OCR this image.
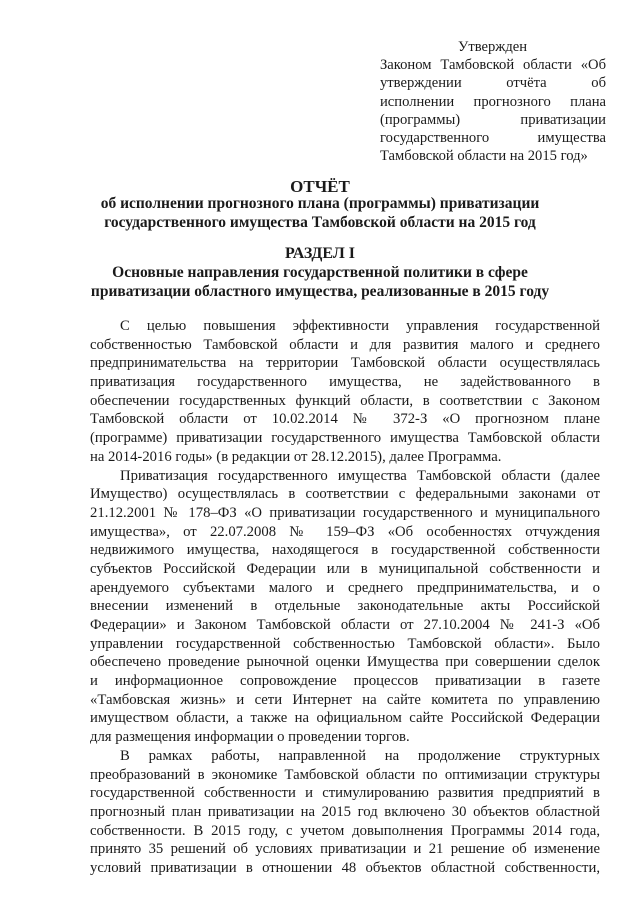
Утвержден
Законом Тамбовской области «Об
утверждении отчёта об
исполнении прогнозного плана
(программы) приватизации
государственного имущества
Тамбовской области на 2015 год»
ОТЧЁТ
об исполнении прогнозного плана (программы) приватизации
государственного имущества Тамбовской области на 2015 год
РАЗДЕЛ I
Основные направления государственной политики в сфере
приватизации областного имущества, реализованные в 2015 году
С целью повышения эффективности управления государственной
собственностью Тамбовской области и для развития малого и среднего
предпринимательства на территории Тамбовской области осуществлялась
приватизация государственного имущества, не задействованного в
обеспечении государственных функций области, в соответствии с Законом
Тамбовской области от 10.02.2014 № 372-З «О прогнозном плане
(программе) приватизации государственного имущества Тамбовской области
на 2014-2016 годы» (в редакции от 28.12.2015), далее Программа.
Приватизация государственного имущества Тамбовской области (далее
Имущество) осуществлялась в соответствии с федеральными законами от
21.12.2001 № 178–ФЗ «О приватизации государственного и муниципального
имущества», от 22.07.2008 № 159–ФЗ «Об особенностях отчуждения
недвижимого имущества, находящегося в государственной собственности
субъектов Российской Федерации или в муниципальной собственности и
арендуемого субъектами малого и среднего предпринимательства, и о
внесении изменений в отдельные законодательные акты Российской
Федерации» и Законом Тамбовской области от 27.10.2004 № 241-З «Об
управлении государственной собственностью Тамбовской области». Было
обеспечено проведение рыночной оценки Имущества при совершении сделок
и информационное сопровождение процессов приватизации в газете
«Тамбовская жизнь» и сети Интернет на сайте комитета по управлению
имуществом области, а также на официальном сайте Российской Федерации
для размещения информации о проведении торгов.
В рамках работы, направленной на продолжение структурных
преобразований в экономике Тамбовской области по оптимизации структуры
государственной собственности и стимулированию развития предприятий в
прогнозный план приватизации на 2015 год включено 30 объектов областной
собственности. В 2015 году, с учетом довыполнения Программы 2014 года,
принято 35 решений об условиях приватизации и 21 решение об изменение
условий приватизации в отношении 48 объектов областной собственности,
